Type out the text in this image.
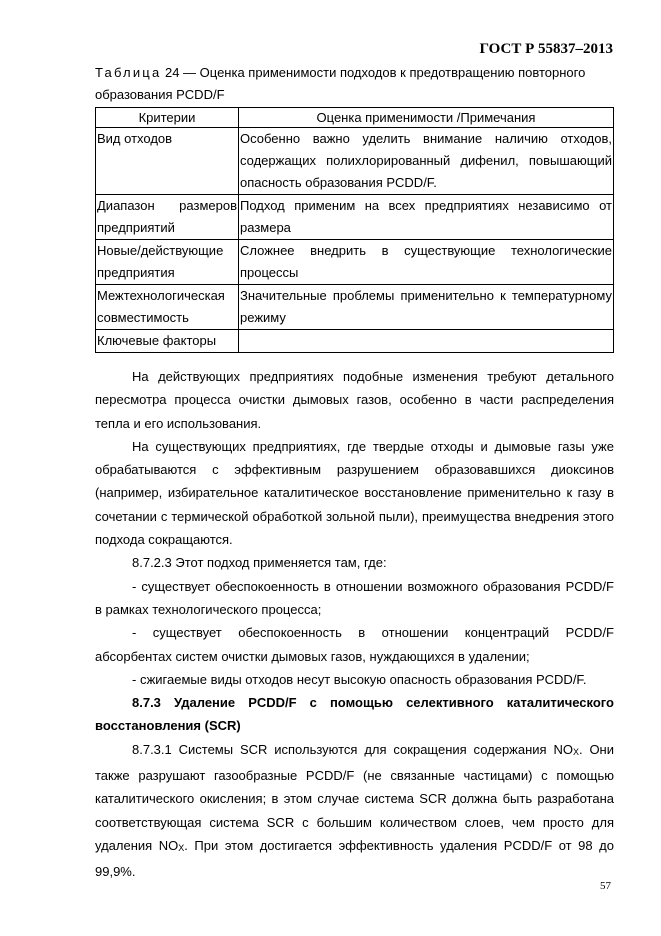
ГОСТ Р 55837–2013
Таблица 24 — Оценка применимости подходов к предотвращению повторного образования PCDD/F
Критерии	Оценка применимости /Примечания
Вид отходов	Особенно важно уделить внимание наличию отходов, содержащих полихлорированный дифенил, повышающий опасность образования PCDD/F.
Диапазон размеров предприятий	Подход применим на всех предприятиях независимо от размера
Новые/действующие предприятия	Сложнее внедрить в существующие технологические процессы
Межтехнологическая совместимость	Значительные проблемы применительно к температурному режиму
Ключевые факторы	

На действующих предприятиях подобные изменения требуют детального пересмотра процесса очистки дымовых газов, особенно в части распределения тепла и его использования.

На существующих предприятиях, где твердые отходы и дымовые газы уже обрабатываются с эффективным разрушением образовавшихся диоксинов (например, избирательное каталитическое восстановление применительно к газу в сочетании с термической обработкой зольной пыли), преимущества внедрения этого подхода сокращаются.

8.7.2.3 Этот подход применяется там, где:

- существует обеспокоенность в отношении возможного образования PCDD/F в рамках технологического процесса;

- существует обеспокоенность в отношении концентраций PCDD/F абсорбентах систем очистки дымовых газов, нуждающихся в удалении;

- сжигаемые виды отходов несут высокую опасность образования PCDD/F.

8.7.3 Удаление PCDD/F с помощью селективного каталитического восстановления (SCR)

8.7.3.1 Системы SCR используются для сокращения содержания $NO_X$. Они также разрушают газообразные PCDD/F (не связанные частицами) с помощью каталитического окисления; в этом случае система SCR должна быть разработана соответствующая система SCR с большим количеством слоев, чем просто для удаления $NO_X$. При этом достигается эффективность удаления PCDD/F от 98 до 99,9%.

57
